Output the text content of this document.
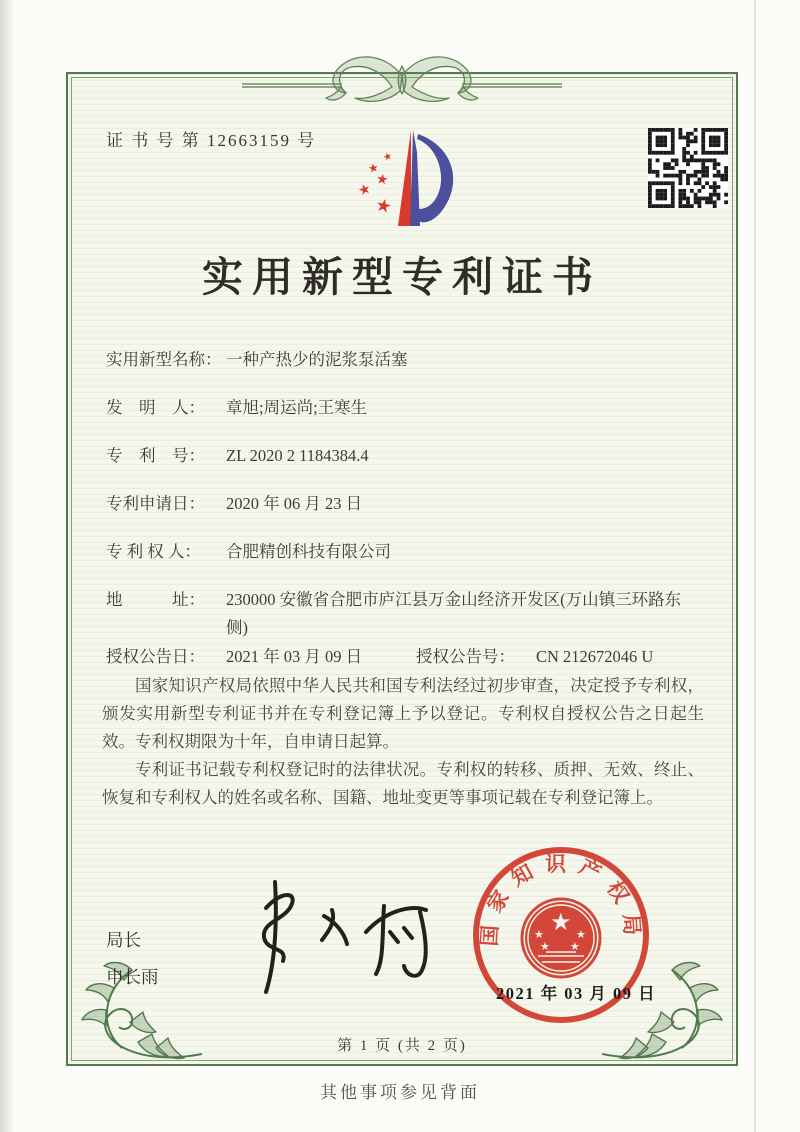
证 书 号 第 12663159 号
★
★
★
★
★
实用新型专利证书
实用新型名称： 一种产热少的泥浆泵活塞
发　明　人：	章旭;周运尚;王寒生
专　利　号：	ZL 2020 2 1184384.4
专利申请日：	2020 年 06 月 23 日
专 利 权 人：	合肥精创科技有限公司
地　　　址：	230000 安徽省合肥市庐江县万金山经济开发区(万山镇三环路东侧)
授权公告日：	2021 年 03 月 09 日	授权公告号：	CN 212672046 U

国家知识产权局依照中华人民共和国专利法经过初步审查，决定授予专利权，颁发实用新型专利证书并在专利登记簿上予以登记。专利权自授权公告之日起生效。专利权期限为十年，自申请日起算。

专利证书记载专利权登记时的法律状况。专利权的转移、质押、无效、终止、恢复和专利权人的姓名或名称、国籍、地址变更等事项记载在专利登记簿上。

局长
申长雨
国家知识产权局
★
★	★
★ ★
2021 年 03 月 09 日
第 1 页 (共 2 页)
其他事项参见背面
